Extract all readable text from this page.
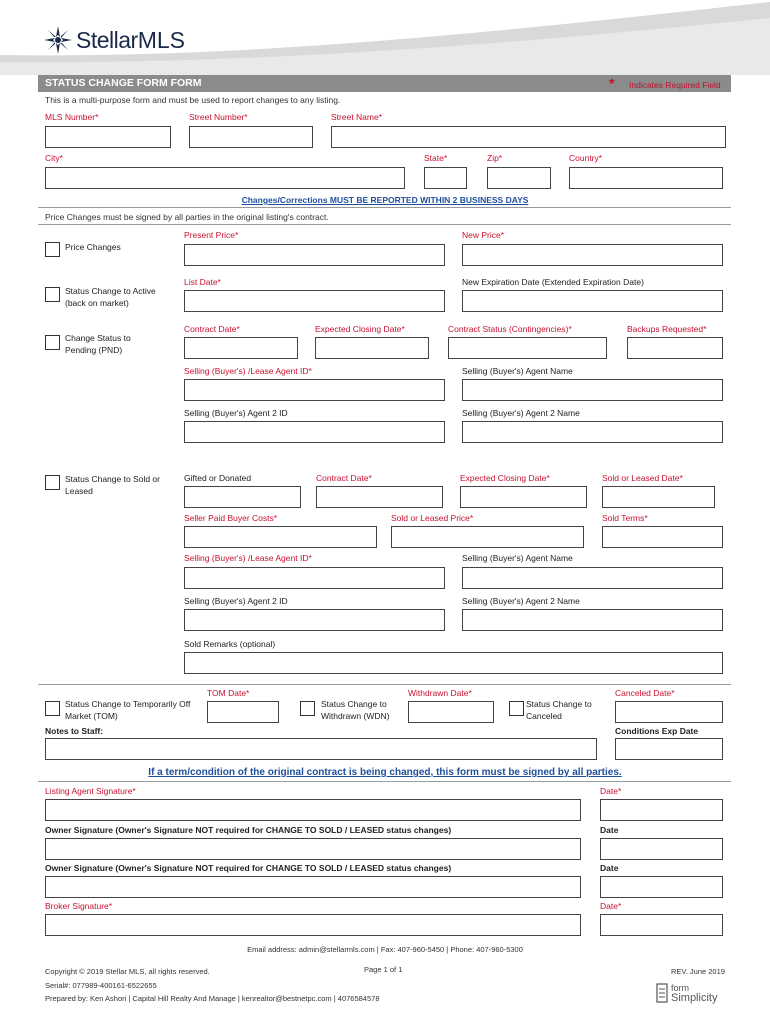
Stellar MLS
STATUS CHANGE FORM FORM	* Indicates Required Field
This is a multi-purpose form and must be used to report changes to any listing.
MLS Number*	Street Number*	Street Name*
City*	State*	Zip*	Country*
Changes/Corrections MUST BE REPORTED WITHIN 2 BUSINESS DAYS
Price Changes must be signed by all parties in the original listing's contract.
Price Changes
Present Price*	New Price*
Status Change to Active (back on market)
List Date*	New Expiration Date (Extended Expiration Date)
Change Status to Pending (PND)
Contract Date*	Expected Closing Date*	Contract Status (Contingencies)*	Backups Requested*
Selling (Buyer's) /Lease Agent ID*	Selling (Buyer's) Agent Name
Selling (Buyer's) Agent 2 ID	Selling (Buyer's) Agent 2 Name
Status Change to Sold or Leased
Gifted or Donated	Contract Date*	Expected Closing Date*	Sold or Leased Date*
Seller Paid Buyer Costs*	Sold or Leased Price*	Sold Terms*
Selling (Buyer's) /Lease Agent ID*	Selling (Buyer's) Agent Name
Selling (Buyer's) Agent 2 ID	Selling (Buyer's) Agent 2 Name
Sold Remarks (optional)
Status Change to Temporarily Off Market (TOM)
TOM Date*
Status Change to Withdrawn (WDN)
Withdrawn Date*
Status Change to Canceled
Canceled Date*
Notes to Staff:	Conditions Exp Date
If a term/condition of the original contract is being changed, this form must be signed by all parties.
Listing Agent Signature*	Date*
Owner Signature (Owner's Signature NOT required for CHANGE TO SOLD / LEASED status changes)	Date
Owner Signature (Owner's Signature NOT required for CHANGE TO SOLD / LEASED status changes)	Date
Broker Signature*	Date*
Email address: admin@stellarmls.com | Fax: 407-960-5450 | Phone: 407-960-5300
Copyright © 2019 Stellar MLS, all rights reserved.	Page 1 of 1	REV. June 2019
Serial#: 077989-400161-6522655
Prepared by: Ken Ashori | Capital Hill Realty And Manage | kenrealtor@bestnetpc.com | 4076584578
form
Simplicity
